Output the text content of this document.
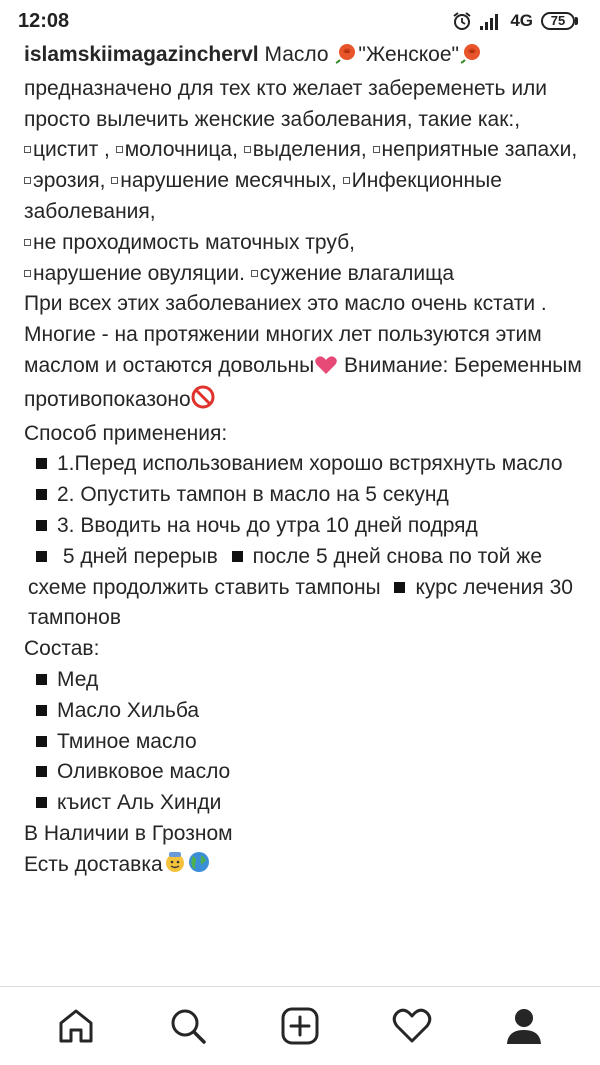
12:08	4G	75

islamskiimagazinchervl Масло "Женское" предназначено для тех кто желает забеременеть или просто вылечить женские заболевания, такие как:,

цистит , молочница, выделения, неприятные запахи,

эрозия, нарушение месячных, Инфекционные заболевания,

не проходимость маточных труб,

нарушение овуляции. сужение влагалища

При всех этих заболеваниех это масло очень кстати .

Многие - на протяжении многих лет пользуются этим маслом и остаются довольны Внимание: Беременным противопоказоно

Способ применения:

1.Перед использованием хорошо встряхнуть масло

2. Опустить тампон в масло на 5 секунд

3. Вводить на ночь до утра 10 дней подряд

5 дней перерыв после 5 дней снова по той же схеме продолжить ставить тампоны курс лечения 30 тампонов

Состав:

Мед

Масло Хильба

Тминое масло

Оливковое масло

къист Аль Хинди

В Наличии в Грозном

Есть доставка
